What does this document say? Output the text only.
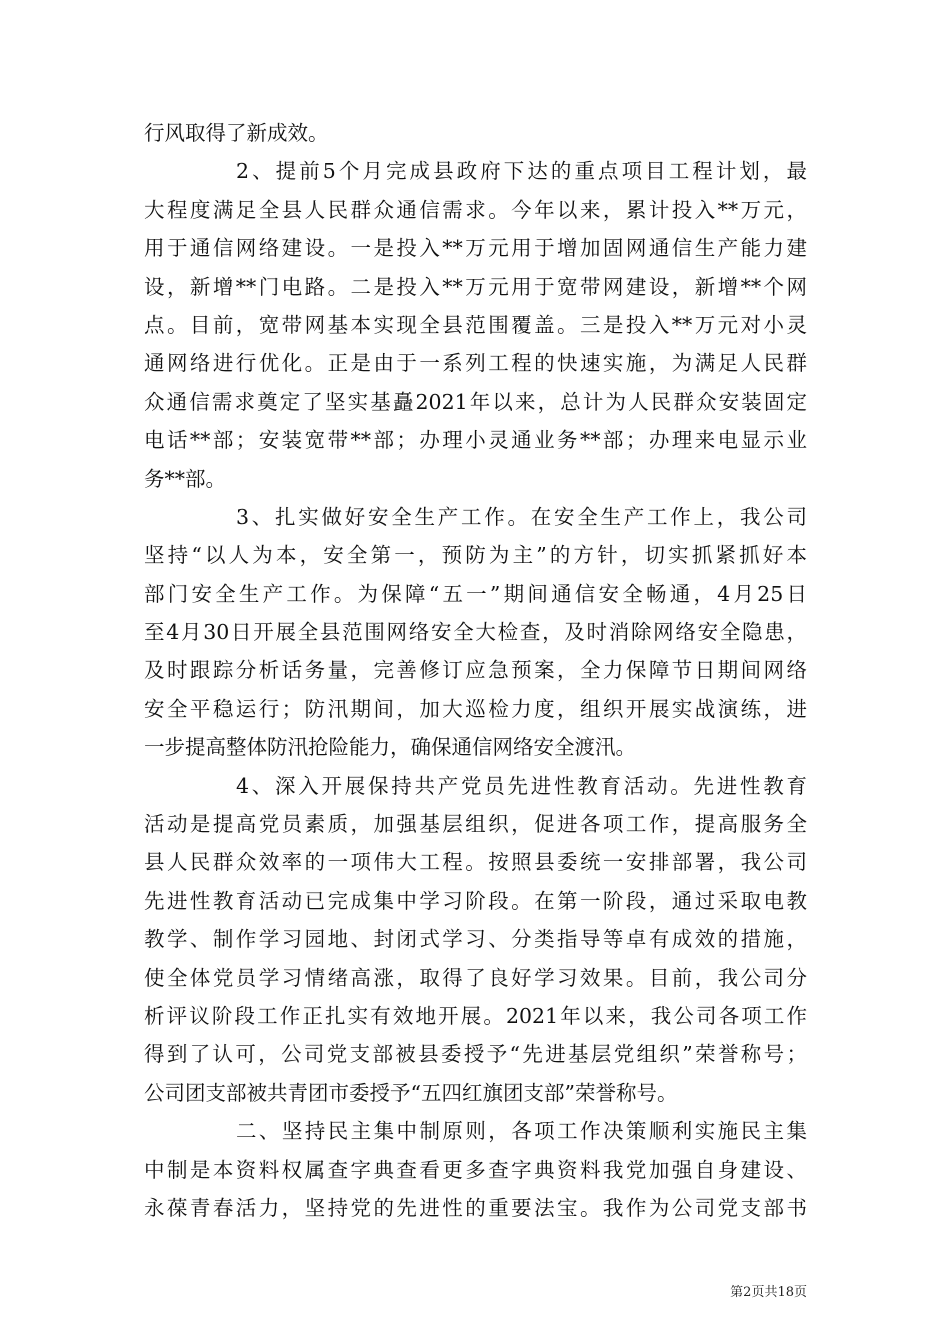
行风取得了新成效。
2、提前5个月完成县政府下达的重点项目工程计划，最
大程度满足全县人民群众通信需求。今年以来，累计投入**万元，
用于通信网络建设。一是投入**万元用于增加固网通信生产能力建
设，新增**门电路。二是投入**万元用于宽带网建设，新增**个网
点。目前，宽带网基本实现全县范围覆盖。三是投入**万元对小灵
通网络进行优化。正是由于一系列工程的快速实施，为满足人民群
众通信需求奠定了坚实基矗2021年以来，总计为人民群众安装固定
电话**部；安装宽带**部；办理小灵通业务**部；办理来电显示业
务**部。
3、扎实做好安全生产工作。在安全生产工作上，我公司
坚持“以人为本，安全第一，预防为主”的方针，切实抓紧抓好本
部门安全生产工作。为保障“五一”期间通信安全畅通，4月25日
至4月30日开展全县范围网络安全大检查，及时消除网络安全隐患，
及时跟踪分析话务量，完善修订应急预案，全力保障节日期间网络
安全平稳运行；防汛期间，加大巡检力度，组织开展实战演练，进
一步提高整体防汛抢险能力，确保通信网络安全渡汛。
4、深入开展保持共产党员先进性教育活动。先进性教育
活动是提高党员素质，加强基层组织，促进各项工作，提高服务全
县人民群众效率的一项伟大工程。按照县委统一安排部署，我公司
先进性教育活动已完成集中学习阶段。在第一阶段，通过采取电教
教学、制作学习园地、封闭式学习、分类指导等卓有成效的措施，
使全体党员学习情绪高涨，取得了良好学习效果。目前，我公司分
析评议阶段工作正扎实有效地开展。2021年以来，我公司各项工作
得到了认可，公司党支部被县委授予“先进基层党组织”荣誉称号；
公司团支部被共青团市委授予“五四红旗团支部”荣誉称号。
二、坚持民主集中制原则，各项工作决策顺利实施民主集
中制是本资料权属查字典查看更多查字典资料我党加强自身建设、
永葆青春活力，坚持党的先进性的重要法宝。我作为公司党支部书
第2页共18页
